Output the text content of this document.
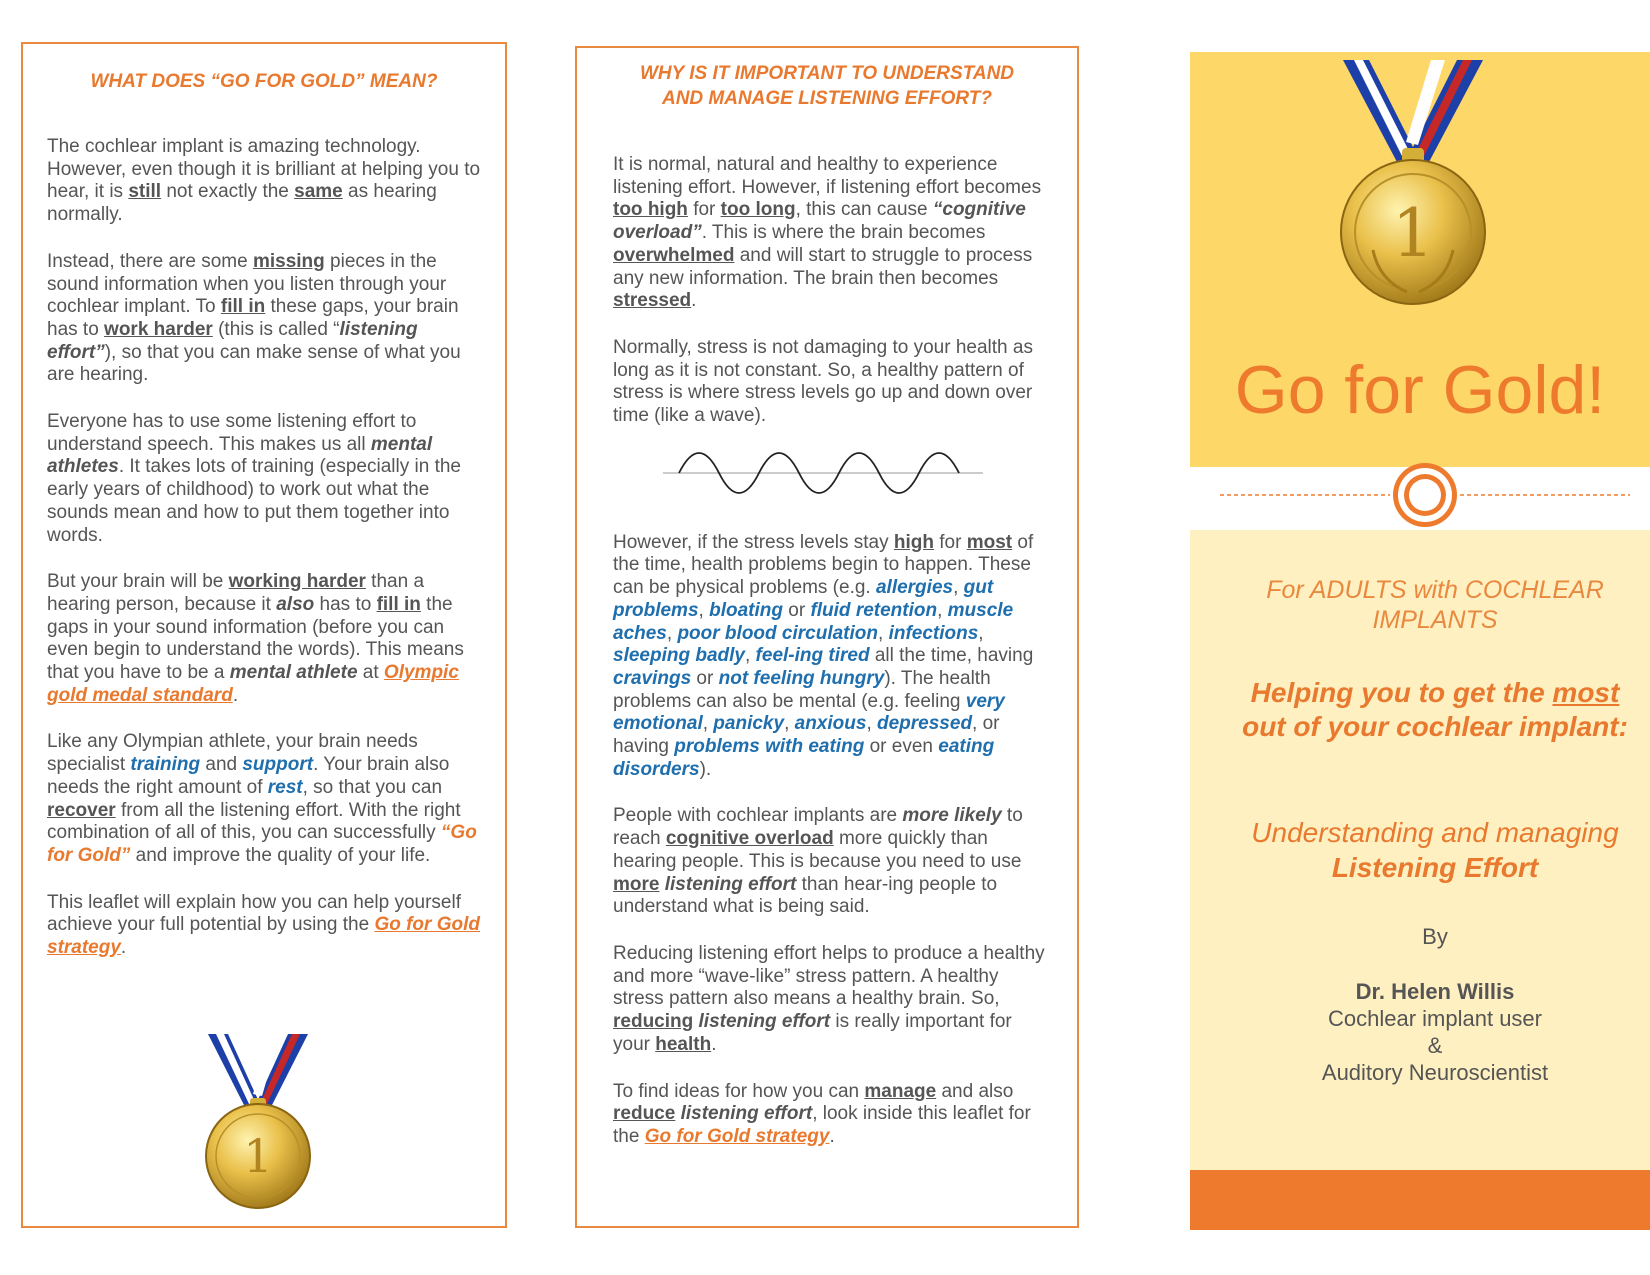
WHAT DOES “GO FOR GOLD” MEAN?

The cochlear implant is amazing technology. However, even though it is brilliant at helping you to hear, it is still not exactly the same as hearing normally.

Instead, there are some missing pieces in the sound information when you listen through your cochlear implant. To fill in these gaps, your brain has to work harder (this is called “listening effort”), so that you can make sense of what you are hearing.

Everyone has to use some listening effort to understand speech. This makes us all mental athletes. It takes lots of training (especially in the early years of childhood) to work out what the sounds mean and how to put them together into words.

But your brain will be working harder than a hearing person, because it also has to fill in the gaps in your sound information (before you can even begin to understand the words). This means that you have to be a mental athlete at Olympic gold medal standard.

Like any Olympian athlete, your brain needs specialist training and support. Your brain also needs the right amount of rest, so that you can recover from all the listening effort. With the right combination of all of this, you can successfully “Go for Gold” and improve the quality of your life.

This leaflet will explain how you can help yourself achieve your full potential by using the Go for Gold strategy.

1
WHY IS IT IMPORTANT TO UNDERSTAND
AND MANAGE LISTENING EFFORT?

It is normal, natural and healthy to experience listening effort. However, if listening effort becomes too high for too long, this can cause “cognitive overload”. This is where the brain becomes overwhelmed and will start to struggle to process any new information. The brain then becomes stressed.

Normally, stress is not damaging to your health as long as it is not constant. So, a healthy pattern of stress is where stress levels go up and down over time (like a wave).

However, if the stress levels stay high for most of the time, health problems begin to happen. These can be physical problems (e.g. allergies, gut problems, bloating or fluid retention, muscle aches, poor blood circulation, infections, sleeping badly, feel-ing tired all the time, having cravings or not feeling hungry). The health problems can also be mental (e.g. feeling very emotional, panicky, anxious, depressed, or having problems with eating or even eating disorders).

People with cochlear implants are more likely to reach cognitive overload more quickly than hearing people. This is because you need to use more listening effort than hear-ing people to understand what is being said.

Reducing listening effort helps to produce a healthy and more “wave-like” stress pattern. A healthy stress pattern also means a healthy brain. So, reducing listening effort is really important for your health.

To find ideas for how you can manage and also reduce listening effort, look inside this leaflet for the Go for Gold strategy.

1
Go for Gold!
For ADULTS with COCHLEAR IMPLANTS
Helping you to get the most out of your cochlear implant:
Understanding and managing Listening Effort
By
Dr. Helen Willis
Cochlear implant user
&
Auditory Neuroscientist
